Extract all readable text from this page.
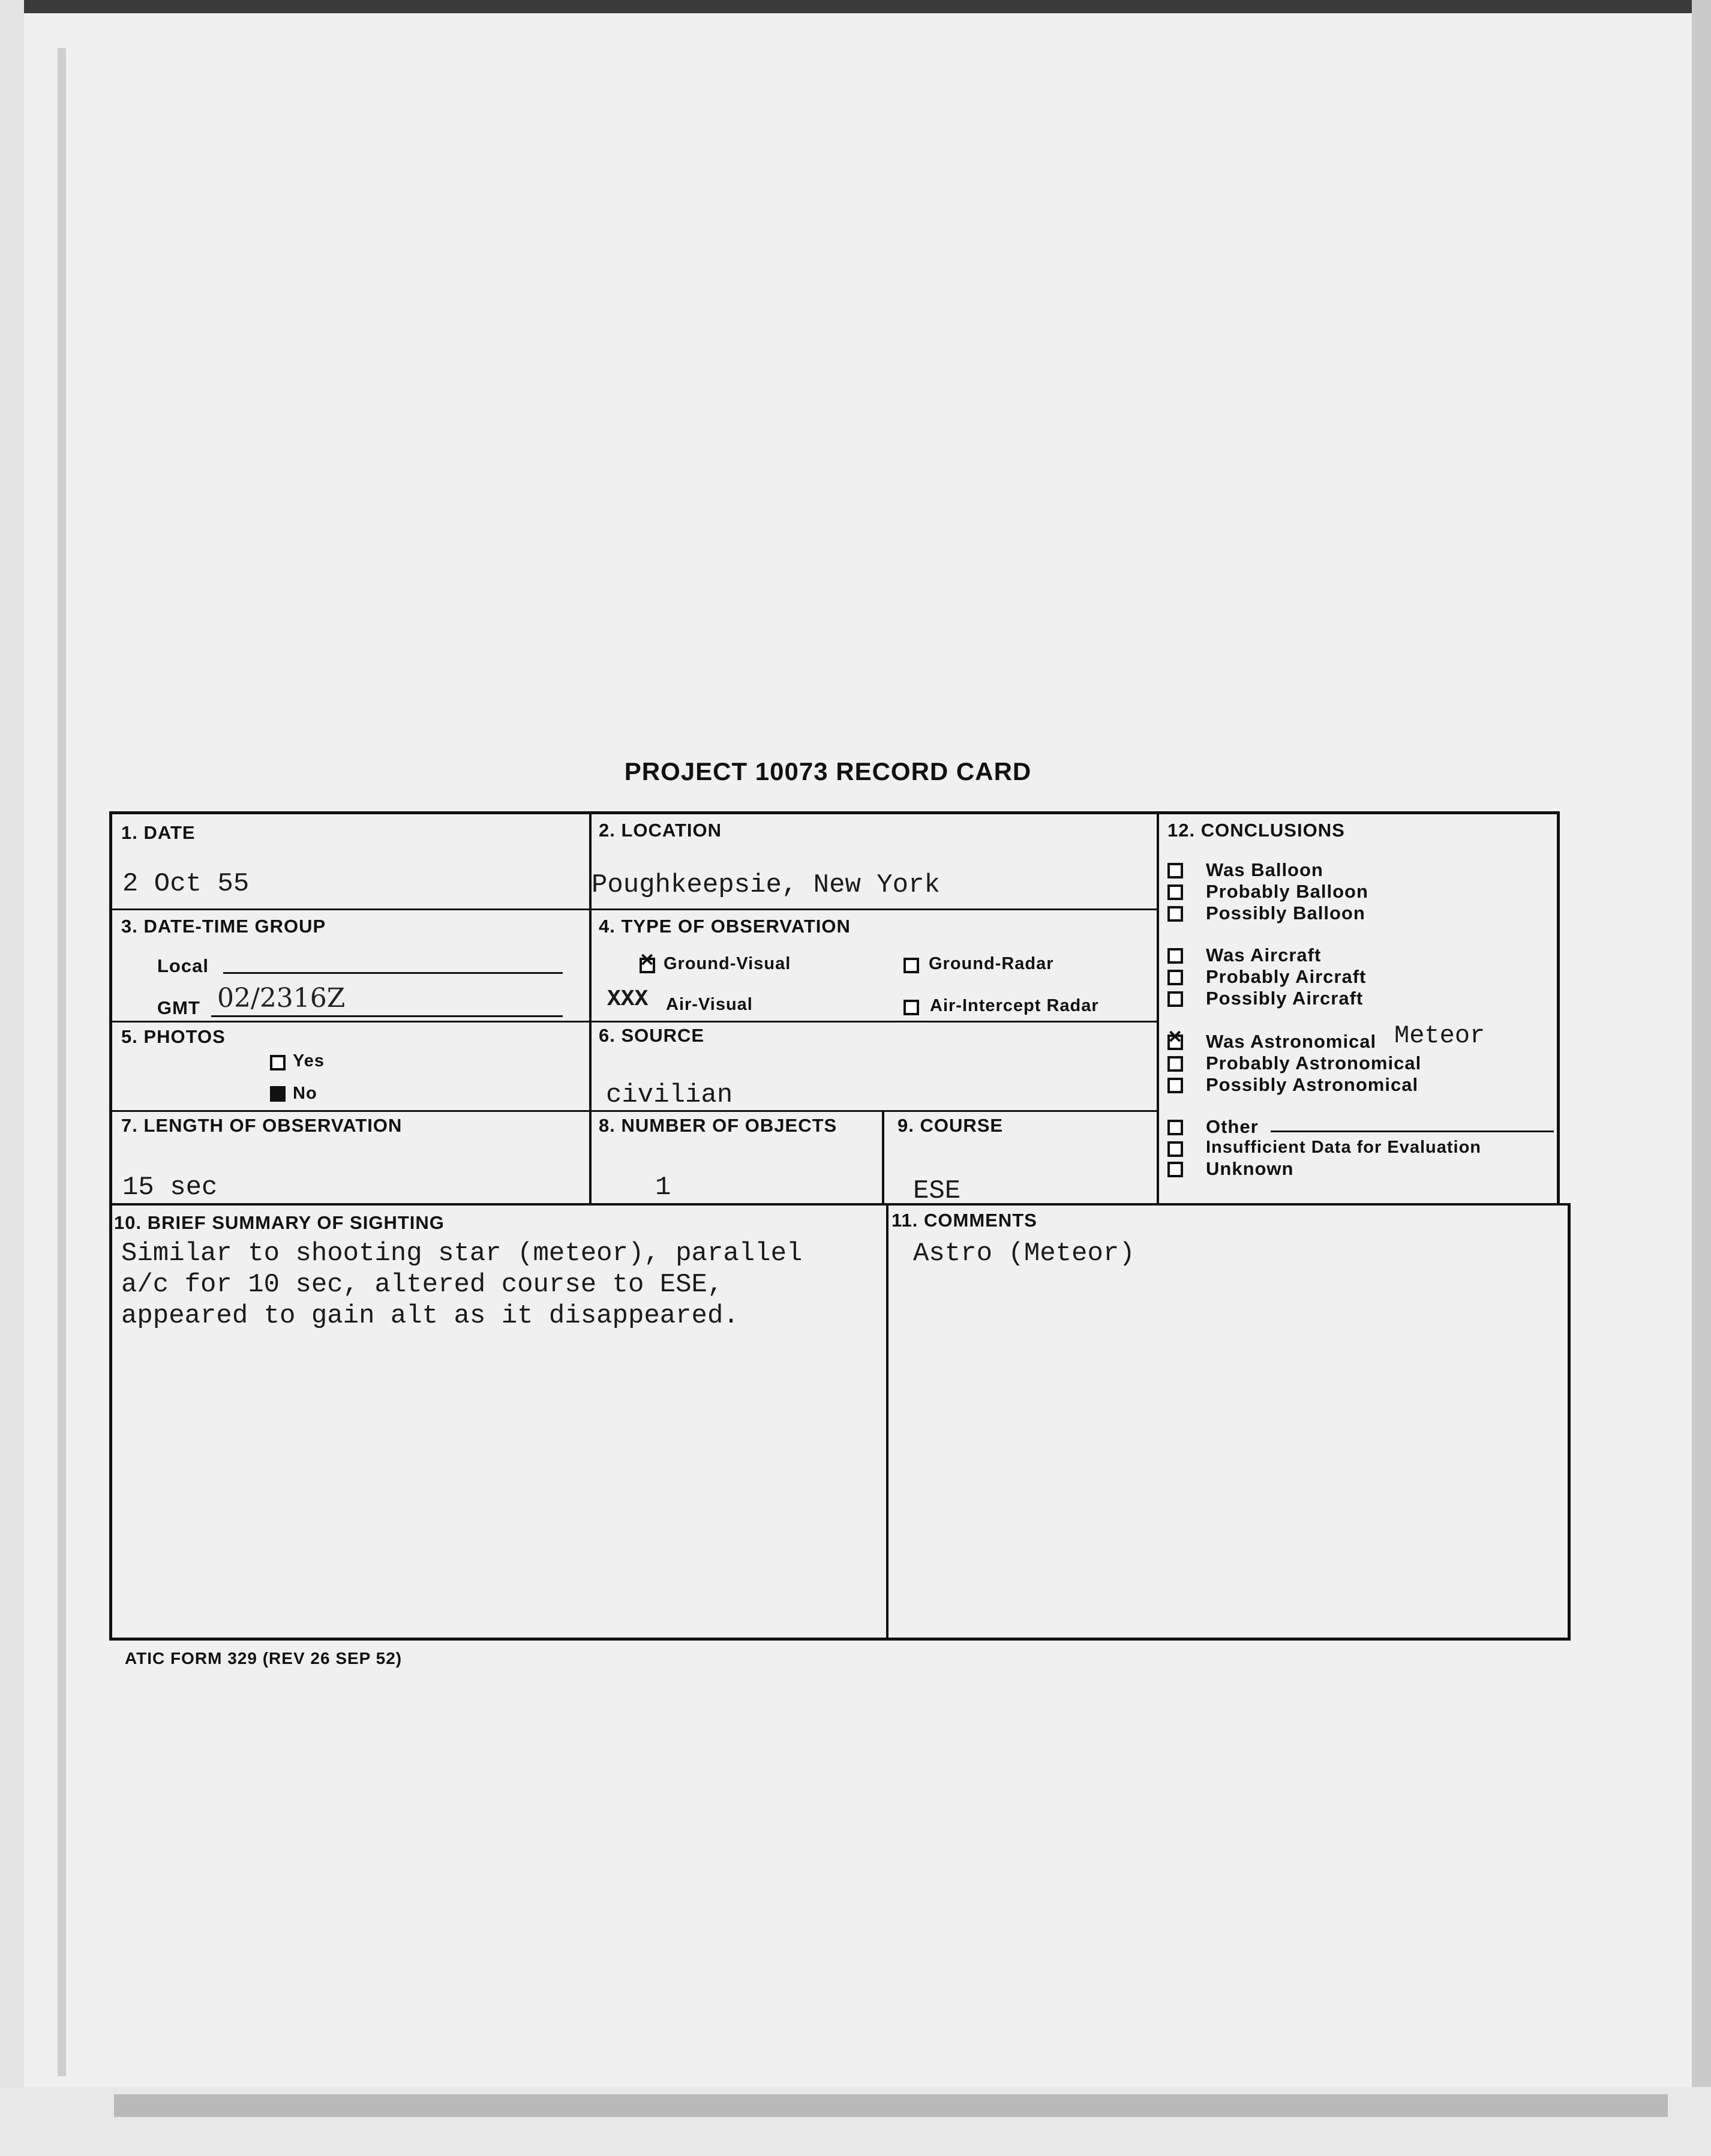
PROJECT 10073 RECORD CARD
1. DATE
2 Oct 55
2. LOCATION
Poughkeepsie, New York
3. DATE-TIME GROUP
Local
GMT 02/2316Z
4. TYPE OF OBSERVATION
✕
Ground-Visual	Ground-Radar
XXX Air-Visual	Air-Intercept Radar
5. PHOTOS
Yes
No
6. SOURCE
civilian
7. LENGTH OF OBSERVATION
15 sec
8. NUMBER OF OBJECTS
1
9. COURSE
ESE
10. BRIEF SUMMARY OF SIGHTING
Similar to shooting star (meteor), parallel
a/c for 10 sec, altered course to ESE,
appeared to gain alt as it disappeared.
11. COMMENTS
Astro (Meteor)
12. CONCLUSIONS
Was Balloon
Probably Balloon
Possibly Balloon
Was Aircraft
Probably Aircraft
Possibly Aircraft
✕
Was Astronomical Meteor
Probably Astronomical
Possibly Astronomical
Other
Insufficient Data for Evaluation
Unknown
ATIC FORM 329 (REV 26 SEP 52)
